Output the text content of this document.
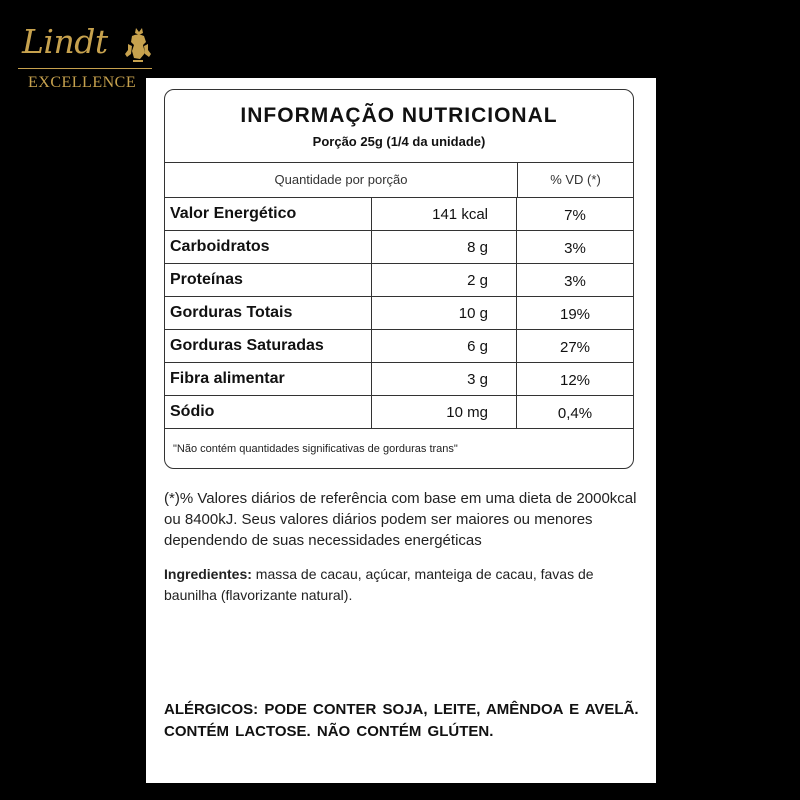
Lindt
EXCELLENCE
INFORMAÇÃO NUTRICIONAL
Porção 25g (1/4 da unidade)
Quantidade por porção	% VD (*)
Valor Energético	141 kcal	7%
Carboidratos	8 g	3%
Proteínas	2 g	3%
Gorduras Totais	10 g	19%
Gorduras Saturadas	6 g	27%
Fibra alimentar	3 g	12%
Sódio	10 mg	0,4%
"Não contém quantidades significativas de gorduras trans"
(*)% Valores diários de referência com base em uma dieta de 2000kcal ou 8400kJ. Seus valores diários podem ser maiores ou menores dependendo de suas necessidades energéticas
Ingredientes: massa de cacau, açúcar, manteiga de cacau, favas de baunilha (flavorizante natural).
ALÉRGICOS: PODE CONTER SOJA, LEITE, AMÊNDOA E AVELÃ. CONTÉM LACTOSE. NÃO CONTÉM GLÚTEN.
